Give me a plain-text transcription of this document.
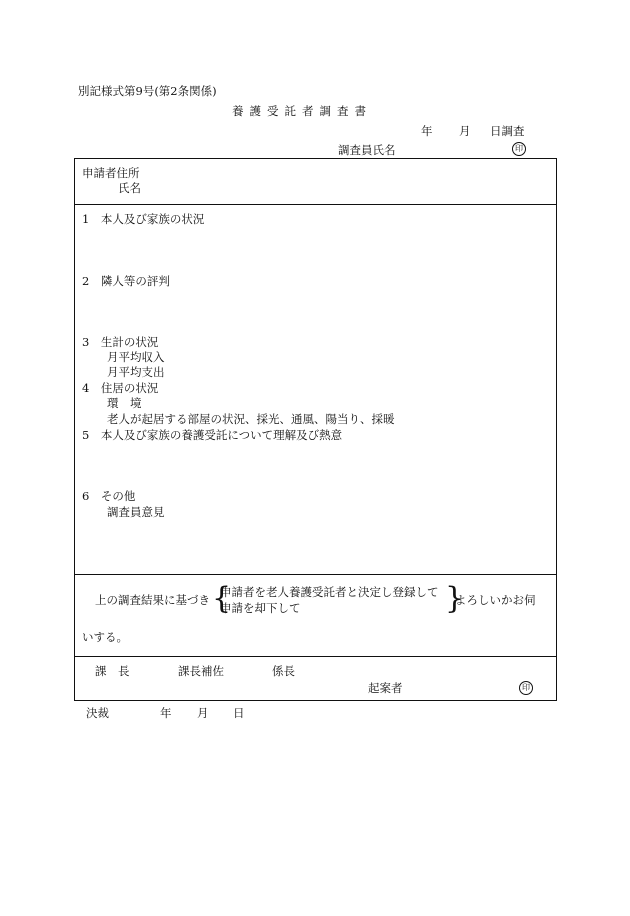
別記様式第9号(第2条関係)
養護受託者調査書
年 月 日調査
調査員氏名	印
申請者住所
氏名
1　本人及び家族の状況
2　隣人等の評判
3　生計の状況
月平均収入
月平均支出
4　住居の状況
環　境
老人が起居する部屋の状況、採光、通風、陽当り、採暖
5　本人及び家族の養護受託について理解及び熱意
6　その他
調査員意見
上の調査結果に基づき {
申請者を老人養護受託者と決定し登録して
申請を却下して	}
よろしいかお伺
いする。
課　長	課長補佐	係長
起案者	印
決裁	年 月 日
